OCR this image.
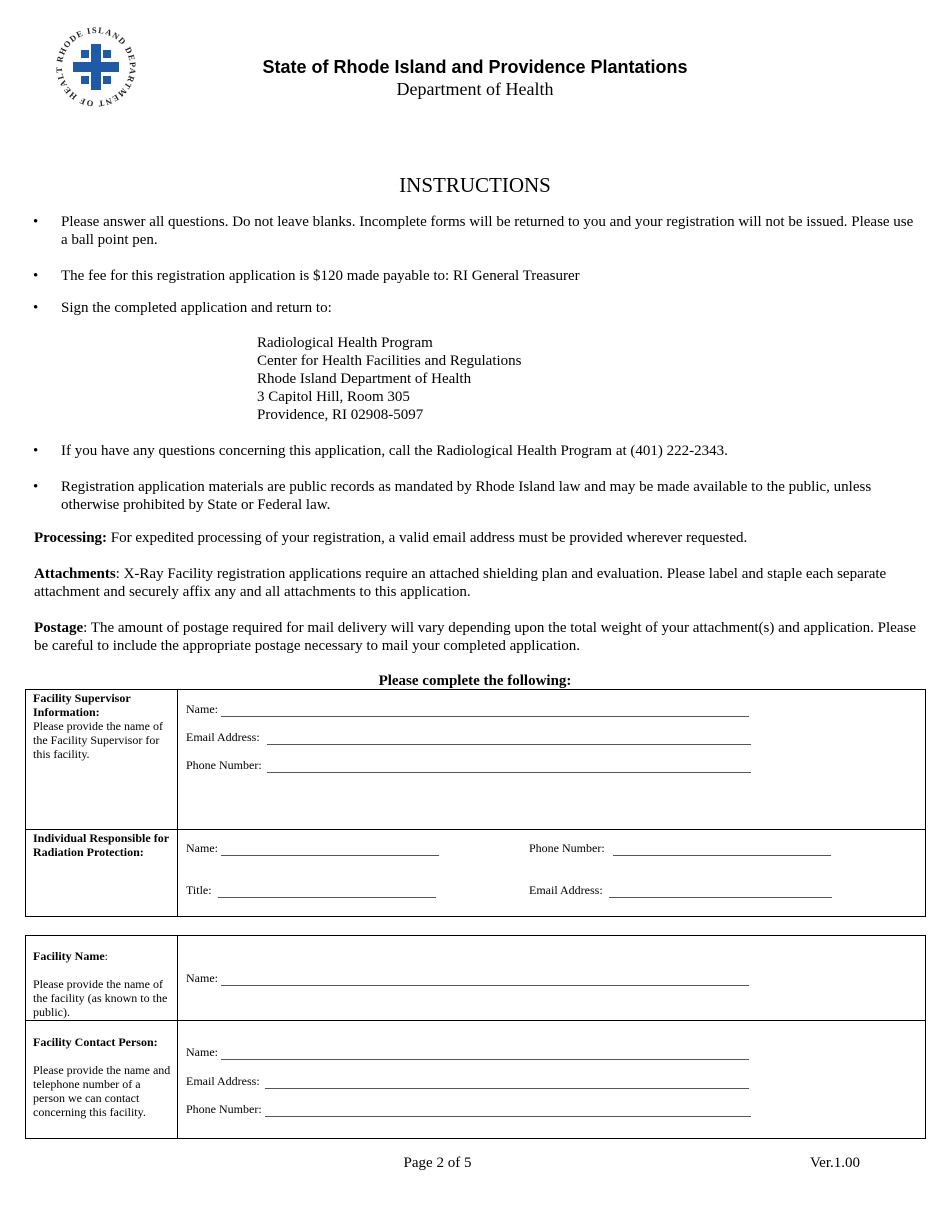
RHODE ISLAND DEPARTMENT OF HEALT	State of Rhode Island and Providence Plantations
Department of Health
INSTRUCTIONS
• Please answer all questions. Do not leave blanks. Incomplete forms will be returned to you and your registration will not be issued. Please use a ball point pen.
• The fee for this registration application is $120 made payable to: RI General Treasurer
• Sign the completed application and return to:
Radiological Health Program
Center for Health Facilities and Regulations
Rhode Island Department of Health
3 Capitol Hill, Room 305
Providence, RI 02908-5097
• If you have any questions concerning this application, call the Radiological Health Program at (401) 222-2343.
• Registration application materials are public records as mandated by Rhode Island law and may be made available to the public, unless otherwise prohibited by State or Federal law.
Processing: For expedited processing of your registration, a valid email address must be provided wherever requested.
Attachments: X-Ray Facility registration applications require an attached shielding plan and evaluation. Please label and staple each separate attachment and securely affix any and all attachments to this application.
Postage: The amount of postage required for mail delivery will vary depending upon the total weight of your attachment(s) and application. Please be careful to include the appropriate postage necessary to mail your completed application.
Please complete the following:
Facility Supervisor Information:
Please provide the name of the Facility Supervisor for this facility.
Name:
Email Address:
Phone Number:
Individual Responsible for Radiation Protection:	Name:	Phone Number:
Title:	Email Address:
Facility Name:

Please provide the name of the facility (as known to the public).
Name:
Facility Contact Person:

Please provide the name and telephone number of a person we can contact concerning this facility.
Name:
Email Address:
Phone Number:
Page 2 of 5	Ver.1.00
